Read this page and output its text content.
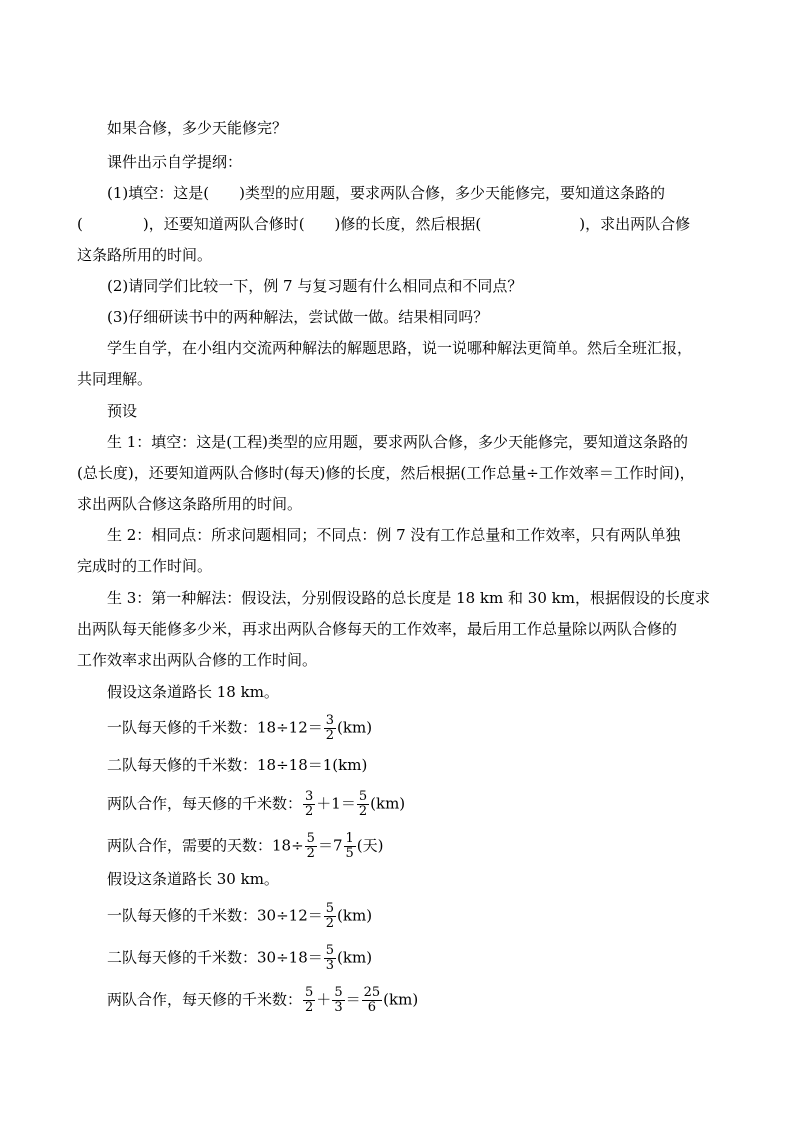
如果合修，多少天能修完？
课件出示自学提纲：
(1)填空：这是(　　)类型的应用题，要求两队合修，多少天能修完，要知道这条路的
(　　　　)，还要知道两队合修时(　　)修的长度，然后根据(	)，求出两队合修
这条路所用的时间。
(2)请同学们比较一下，例 7 与复习题有什么相同点和不同点？
(3)仔细研读书中的两种解法，尝试做一做。结果相同吗？
学生自学，在小组内交流两种解法的解题思路，说一说哪种解法更简单。然后全班汇报，
共同理解。
预设
生 1：填空：这是(工程)类型的应用题，要求两队合修，多少天能修完，要知道这条路的
(总长度)，还要知道两队合修时(每天)修的长度，然后根据(工作总量÷工作效率＝工作时间)，
求出两队合修这条路所用的时间。
生 2：相同点：所求问题相同；不同点：例 7 没有工作总量和工作效率，只有两队单独
完成时的工作时间。
生 3：第一种解法：假设法，分别假设路的总长度是 18 km 和 30 km，根据假设的长度求
出两队每天能修多少米，再求出两队合修每天的工作效率，最后用工作总量除以两队合修的
工作效率求出两队合修的工作时间。
假设这条道路长 18 km。
一队每天修的千米数：$18\div 12= \frac{3}{2} (km)$
二队每天修的千米数：18÷18＝1(km)
两队合作，每天修的千米数： $\frac{3}{2} +1= \frac{5}{2} (km)$
两队合作，需要的天数：$18\div \frac{5}{2} =7 \frac{1}{5}$ (天)
假设这条道路长 30 km。
一队每天修的千米数：$30\div 12= \frac{5}{2} (km)$
二队每天修的千米数：$30\div 18= \frac{5}{3} (km)$
两队合作，每天修的千米数： $\frac{5}{2} + \frac{5}{3} = \frac{25}{6} (km)$
